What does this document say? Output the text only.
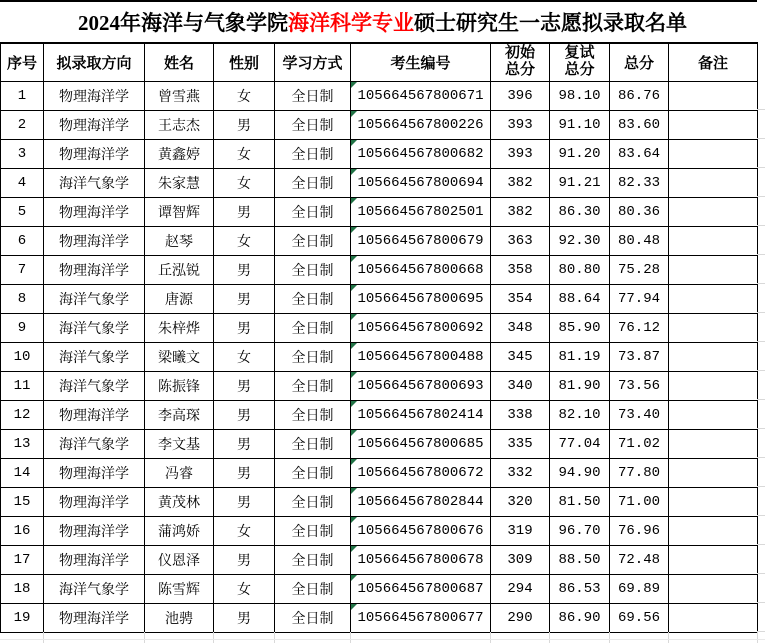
2024年海洋与气象学院 海洋科学专业 硕士研究生一志愿拟录取名单
序号	拟录取方向	姓名	性别	学习方式	考生编号	初始总分	复试总分	总分	备注
1	物理海洋学	曾雪燕	女	全日制	105664567800671	396	98.10	86.76	
2	物理海洋学	王志杰	男	全日制	105664567800226	393	91.10	83.60	
3	物理海洋学	黄鑫婷	女	全日制	105664567800682	393	91.20	83.64	
4	海洋气象学	朱家慧	女	全日制	105664567800694	382	91.21	82.33	
5	物理海洋学	谭智辉	男	全日制	105664567802501	382	86.30	80.36	
6	物理海洋学	赵琴	女	全日制	105664567800679	363	92.30	80.48	
7	物理海洋学	丘泓锐	男	全日制	105664567800668	358	80.80	75.28	
8	海洋气象学	唐源	男	全日制	105664567800695	354	88.64	77.94	
9	海洋气象学	朱梓烨	男	全日制	105664567800692	348	85.90	76.12	
10	海洋气象学	梁曦文	女	全日制	105664567800488	345	81.19	73.87	
11	海洋气象学	陈振锋	男	全日制	105664567800693	340	81.90	73.56	
12	物理海洋学	李高琛	男	全日制	105664567802414	338	82.10	73.40	
13	海洋气象学	李文基	男	全日制	105664567800685	335	77.04	71.02	
14	物理海洋学	冯睿	男	全日制	105664567800672	332	94.90	77.80	
15	物理海洋学	黄茂林	男	全日制	105664567802844	320	81.50	71.00	
16	物理海洋学	蒲鸿娇	女	全日制	105664567800676	319	96.70	76.96	
17	物理海洋学	仪恩泽	男	全日制	105664567800678	309	88.50	72.48	
18	海洋气象学	陈雪辉	女	全日制	105664567800687	294	86.53	69.89	
19	物理海洋学	池骋	男	全日制	105664567800677	290	86.90	69.56	
